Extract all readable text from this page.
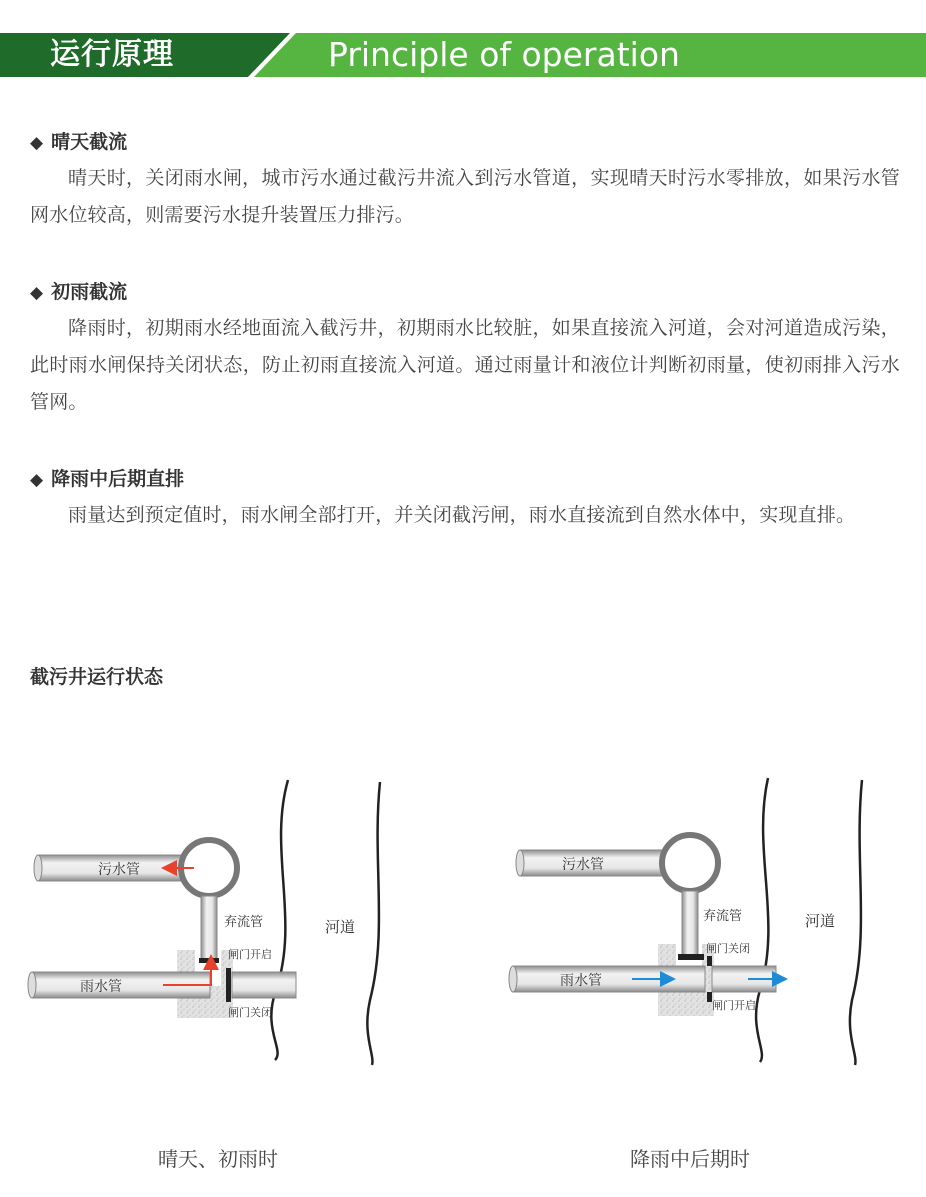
运行原理	Principle of operation
◆ 晴天截流
晴天时，关闭雨水闸，城市污水通过截污井流入到污水管道，实现晴天时污水零排放，如果污水管网水位较高，则需要污水提升装置压力排污。
◆ 初雨截流
降雨时，初期雨水经地面流入截污井，初期雨水比较脏，如果直接流入河道，会对河道造成污染，此时雨水闸保持关闭状态，防止初雨直接流入河道。通过雨量计和液位计判断初雨量，使初雨排入污水管网。
◆ 降雨中后期直排
雨量达到预定值时，雨水闸全部打开，并关闭截污闸，雨水直接流到自然水体中，实现直排。
截污井运行状态
河道
污水管
弃流管
雨水管
闸门开启
闸门关闭
河道
污水管
弃流管
雨水管
闸门关闭
闸门开启
晴天、初雨时	降雨中后期时
